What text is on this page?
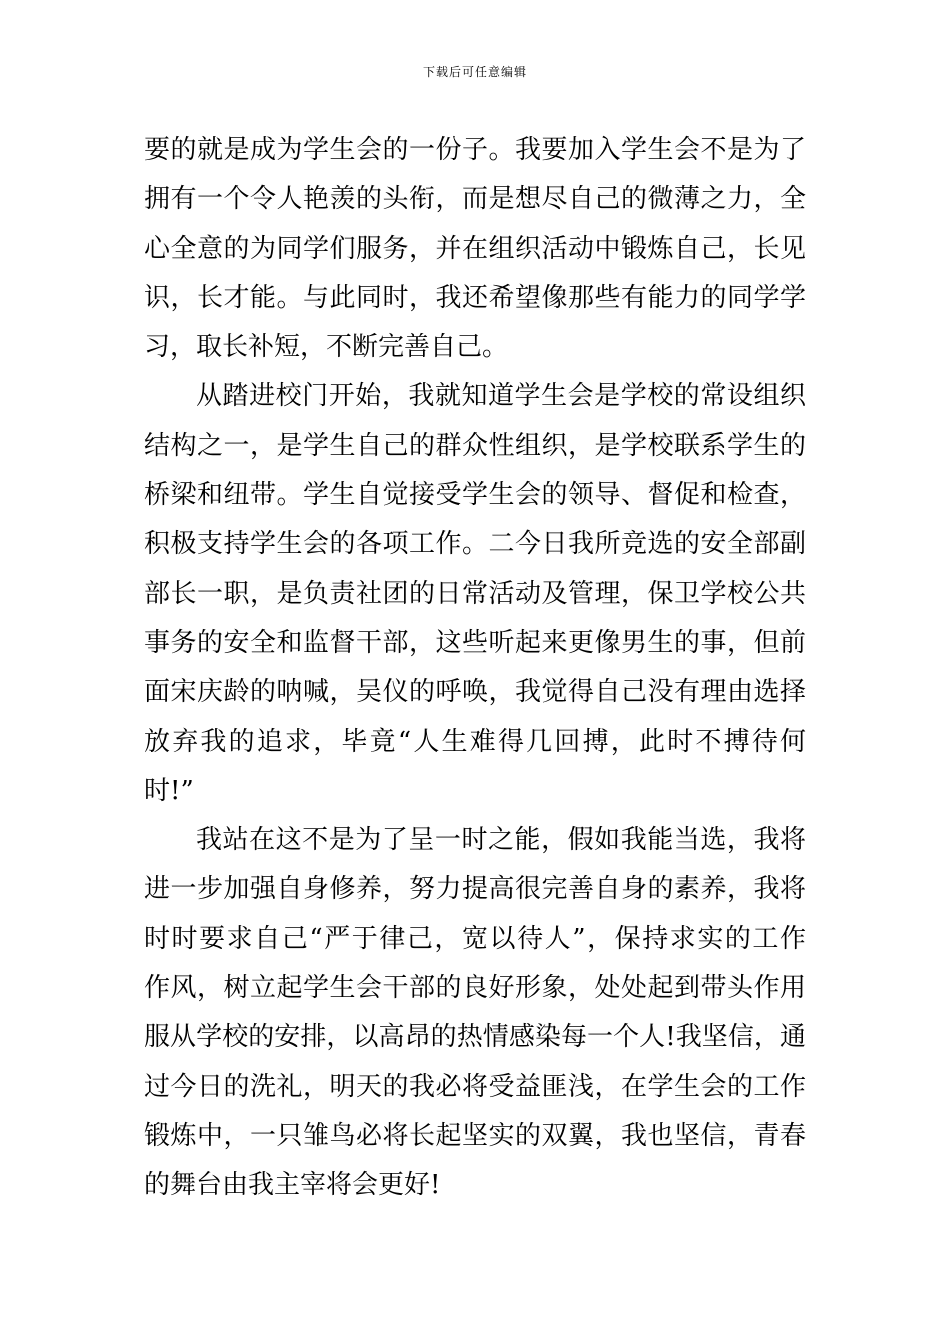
下载后可任意编辑
要的就是成为学生会的一份子。我要加入学生会不是为了
拥有一个令人艳羡的头衔，而是想尽自己的微薄之力，全
心全意的为同学们服务，并在组织活动中锻炼自己，长见
识，长才能。与此同时，我还希望像那些有能力的同学学
习，取长补短，不断完善自己。
从踏进校门开始，我就知道学生会是学校的常设组织
结构之一，是学生自己的群众性组织，是学校联系学生的
桥梁和纽带。学生自觉接受学生会的领导、督促和检查，
积极支持学生会的各项工作。二今日我所竞选的安全部副
部长一职，是负责社团的日常活动及管理，保卫学校公共
事务的安全和监督干部，这些听起来更像男生的事，但前
面宋庆龄的呐喊，吴仪的呼唤，我觉得自己没有理由选择
放弃我的追求，毕竟“人生难得几回搏，此时不搏待何
时!”
我站在这不是为了呈一时之能，假如我能当选，我将
进一步加强自身修养，努力提高很完善自身的素养，我将
时时要求自己“严于律己，宽以待人”，保持求实的工作
作风，树立起学生会干部的良好形象，处处起到带头作用
服从学校的安排，以高昂的热情感染每一个人!我坚信，通
过今日的洗礼，明天的我必将受益匪浅，在学生会的工作
锻炼中，一只雏鸟必将长起坚实的双翼，我也坚信，青春
的舞台由我主宰将会更好!
